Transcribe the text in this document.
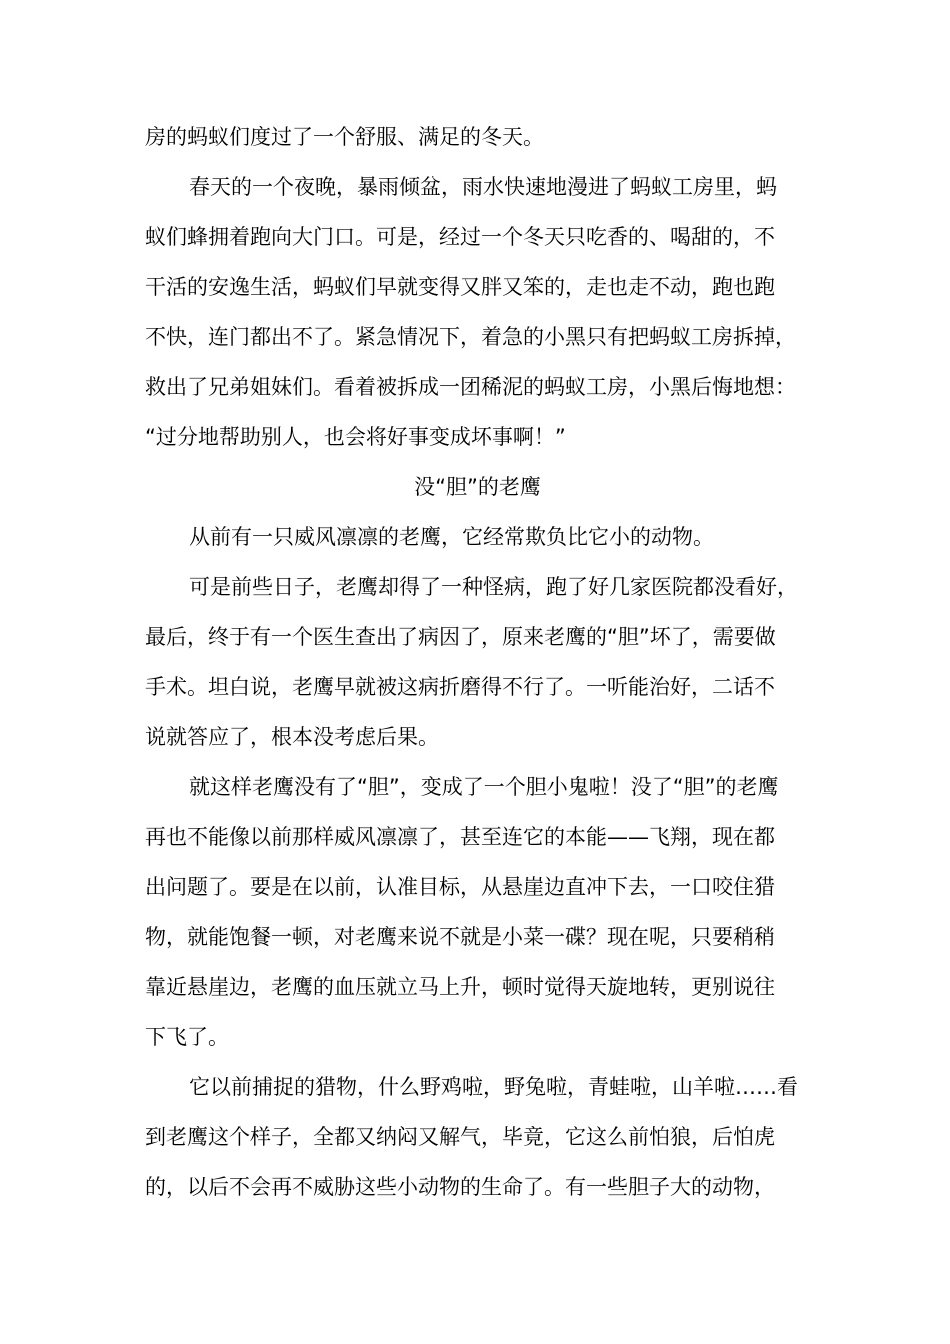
房的蚂蚁们度过了一个舒服、满足的冬天。
春天的一个夜晚，暴雨倾盆，雨水快速地漫进了蚂蚁工房里，蚂
蚁们蜂拥着跑向大门口。可是，经过一个冬天只吃香的、喝甜的，不
干活的安逸生活，蚂蚁们早就变得又胖又笨的，走也走不动，跑也跑
不快，连门都出不了。紧急情况下，着急的小黑只有把蚂蚁工房拆掉，
救出了兄弟姐妹们。看着被拆成一团稀泥的蚂蚁工房，小黑后悔地想：
“过分地帮助别人，也会将好事变成坏事啊！”
没“胆”的老鹰
从前有一只威风凛凛的老鹰，它经常欺负比它小的动物。
可是前些日子，老鹰却得了一种怪病，跑了好几家医院都没看好，
最后，终于有一个医生查出了病因了，原来老鹰的“胆”坏了，需要做
手术。坦白说，老鹰早就被这病折磨得不行了。一听能治好，二话不
说就答应了，根本没考虑后果。
就这样老鹰没有了“胆”，变成了一个胆小鬼啦！没了“胆”的老鹰
再也不能像以前那样威风凛凛了，甚至连它的本能——飞翔，现在都
出问题了。要是在以前，认准目标，从悬崖边直冲下去，一口咬住猎
物，就能饱餐一顿，对老鹰来说不就是小菜一碟？现在呢，只要稍稍
靠近悬崖边，老鹰的血压就立马上升，顿时觉得天旋地转，更别说往
下飞了。
它以前捕捉的猎物，什么野鸡啦，野兔啦，青蛙啦，山羊啦……看
到老鹰这个样子，全都又纳闷又解气，毕竟，它这么前怕狼，后怕虎
的，以后不会再不威胁这些小动物的生命了。有一些胆子大的动物，
